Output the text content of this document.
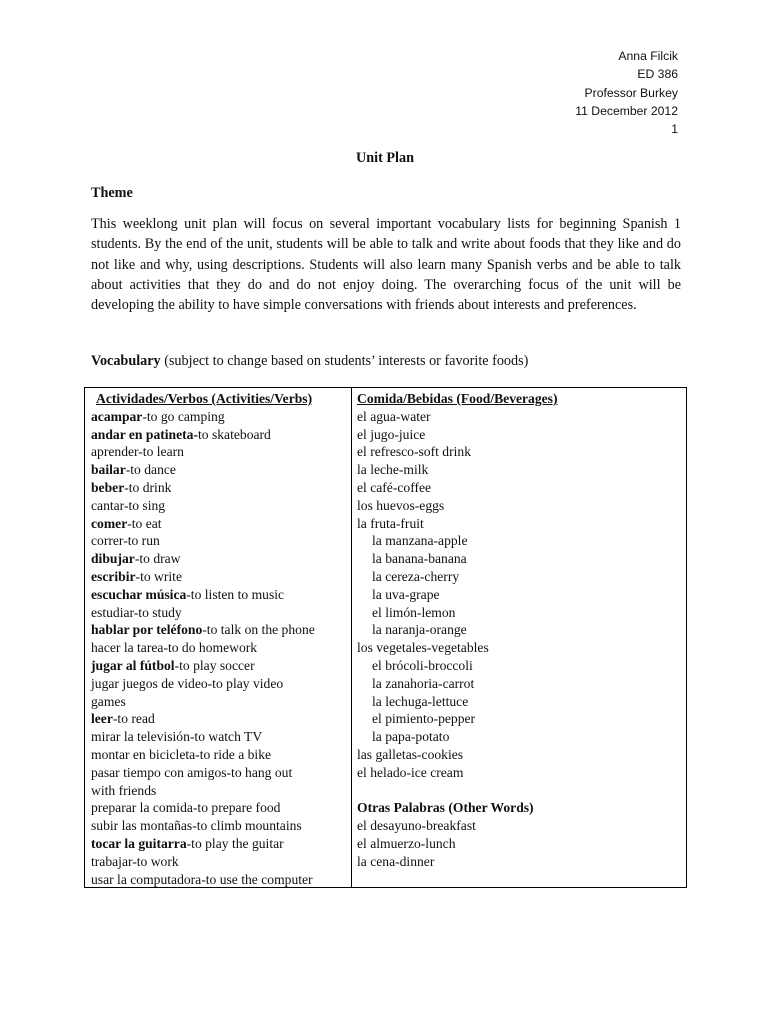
Anna Filcik
ED 386
Professor Burkey
11 December 2012
1
Unit Plan
Theme
This weeklong unit plan will focus on several important vocabulary lists for beginning Spanish 1 students. By the end of the unit, students will be able to talk and write about foods that they like and do not like and why, using descriptions. Students will also learn many Spanish verbs and be able to talk about activities that they do and do not enjoy doing. The overarching focus of the unit will be developing the ability to have simple conversations with friends about interests and preferences.
Vocabulary (subject to change based on students’ interests or favorite foods)
Actividades/Verbos (Activities/Verbs)
acampar-to go camping
andar en patineta-to skateboard
aprender-to learn
bailar-to dance
beber-to drink
cantar-to sing
comer-to eat
correr-to run
dibujar-to draw
escribir-to write
escuchar música-to listen to music
estudiar-to study
hablar por teléfono-to talk on the phone
hacer la tarea-to do homework
jugar al fútbol-to play soccer
jugar juegos de video-to play video
games
leer-to read
mirar la televisión-to watch TV
montar en bicicleta-to ride a bike
pasar tiempo con amigos-to hang out
with friends
preparar la comida-to prepare food
subir las montañas-to climb mountains
tocar la guitarra-to play the guitar
trabajar-to work
usar la computadora-to use the computer
Comida/Bebidas (Food/Beverages)
el agua-water
el jugo-juice
el refresco-soft drink
la leche-milk
el café-coffee
los huevos-eggs
la fruta-fruit
la manzana-apple
la banana-banana
la cereza-cherry
la uva-grape
el limón-lemon
la naranja-orange
los vegetales-vegetables
el brócoli-broccoli
la zanahoria-carrot
la lechuga-lettuce
el pimiento-pepper
la papa-potato
las galletas-cookies
el helado-ice cream
Otras Palabras (Other Words)
el desayuno-breakfast
el almuerzo-lunch
la cena-dinner
